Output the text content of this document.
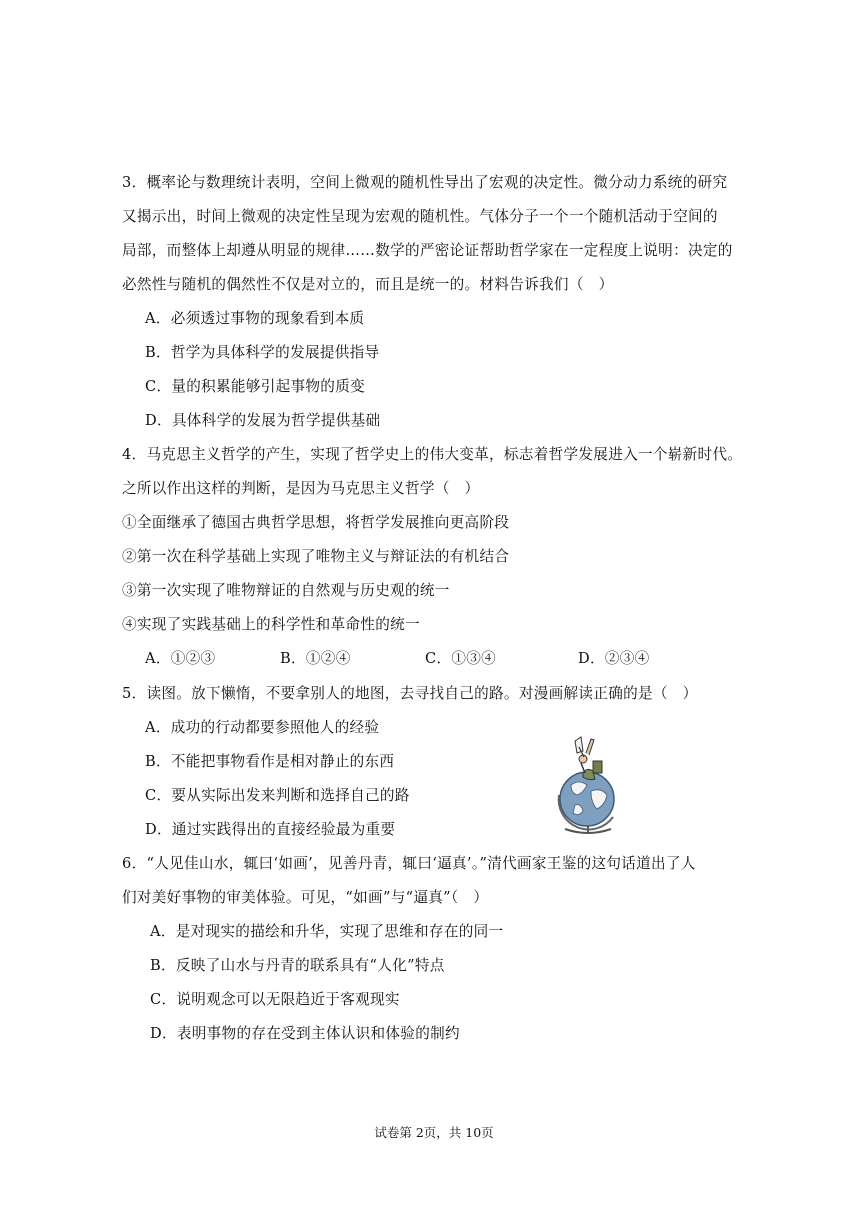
3．概率论与数理统计表明，空间上微观的随机性导出了宏观的决定性。微分动力系统的研究
又揭示出，时间上微观的决定性呈现为宏观的随机性。气体分子一个一个随机活动于空间的
局部，而整体上却遵从明显的规律……数学的严密论证帮助哲学家在一定程度上说明：决定的
必然性与随机的偶然性不仅是对立的，而且是统一的。材料告诉我们（　）
A．必须透过事物的现象看到本质
B．哲学为具体科学的发展提供指导
C．量的积累能够引起事物的质变
D．具体科学的发展为哲学提供基础
4．马克思主义哲学的产生，实现了哲学史上的伟大变革，标志着哲学发展进入一个崭新时代。
之所以作出这样的判断，是因为马克思主义哲学（　）
①全面继承了德国古典哲学思想，将哲学发展推向更高阶段
②第一次在科学基础上实现了唯物主义与辩证法的有机结合
③第一次实现了唯物辩证的自然观与历史观的统一
④实现了实践基础上的科学性和革命性的统一
A．①②③	B．①②④	C．①③④	D．②③④
5．读图。放下懒惰，不要拿别人的地图，去寻找自己的路。对漫画解读正确的是（　）
A．成功的行动都要参照他人的经验
B．不能把事物看作是相对静止的东西
C．要从实际出发来判断和选择自己的路
D．通过实践得出的直接经验最为重要
6．“人见佳山水，辄曰‘如画’，见善丹青，辄曰‘逼真’。”清代画家王鉴的这句话道出了人
们对美好事物的审美体验。可见，“如画”与“逼真”（　）
A．是对现实的描绘和升华，实现了思维和存在的同一
B．反映了山水与丹青的联系具有“人化”特点
C．说明观念可以无限趋近于客观现实
D．表明事物的存在受到主体认识和体验的制约
试卷第 2页，共 10页
